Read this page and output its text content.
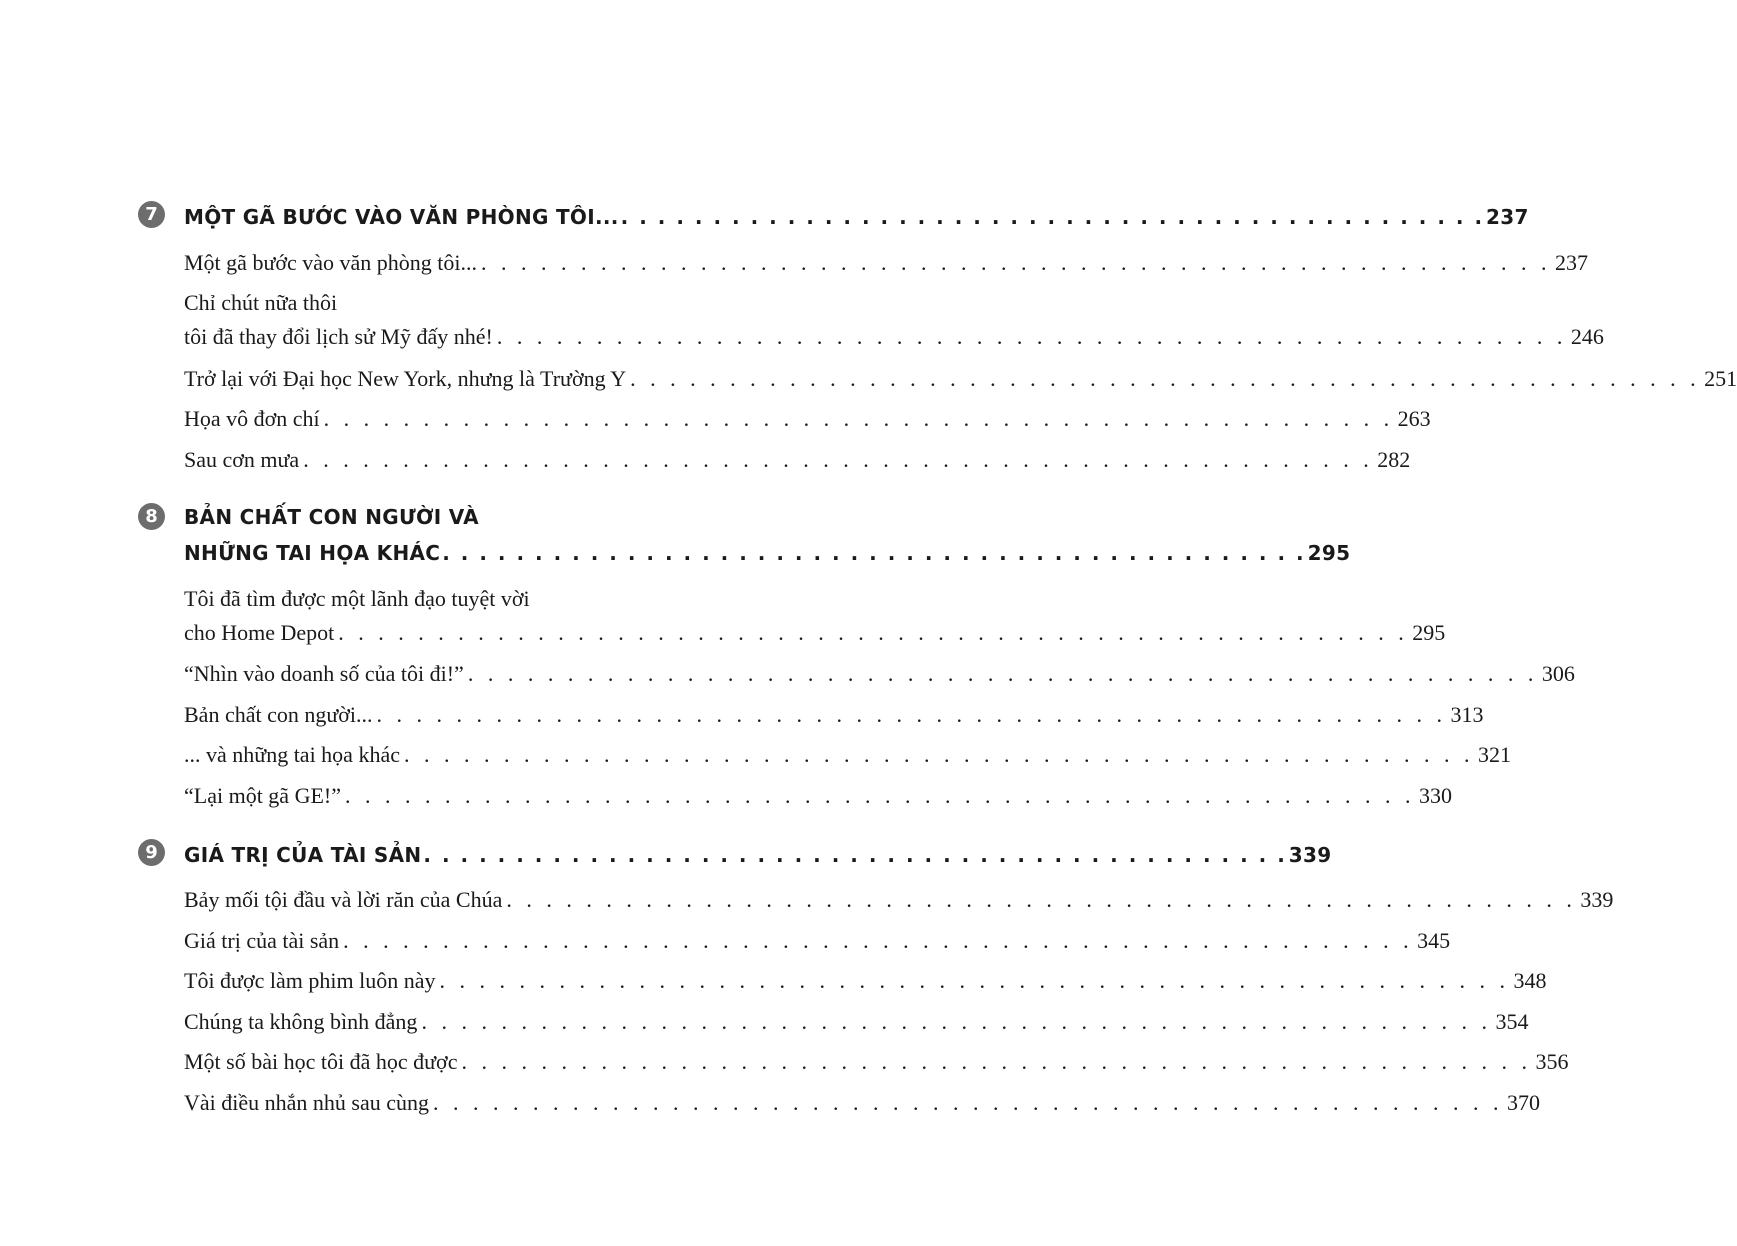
7	MỘT GÃ BƯỚC VÀO VĂN PHÒNG TÔI... . . . . . . . . . . . . . . . . . . . . . . . . . . . . . . . . . . . . . . . . . . . . . . . 237
Một gã bước vào văn phòng tôi... . . . . . . . . . . . . . . . . . . . . . . . . . . . . . . . . . . . . . . . . . . . . . . . . . . . . . . 237
Chỉ chút nữa thôi
tôi đã thay đổi lịch sử Mỹ đấy nhé! . . . . . . . . . . . . . . . . . . . . . . . . . . . . . . . . . . . . . . . . . . . . . . . . . . . . . . 246
Trở lại với Đại học New York, nhưng là Trường Y . . . . . . . . . . . . . . . . . . . . . . . . . . . . . . . . . . . . . . . . . . . . . . . . . . . . . . 251
Họa vô đơn chí . . . . . . . . . . . . . . . . . . . . . . . . . . . . . . . . . . . . . . . . . . . . . . . . . . . . . . 263
Sau cơn mưa . . . . . . . . . . . . . . . . . . . . . . . . . . . . . . . . . . . . . . . . . . . . . . . . . . . . . . 282
8	BẢN CHẤT CON NGƯỜI VÀ
NHỮNG TAI HỌA KHÁC . . . . . . . . . . . . . . . . . . . . . . . . . . . . . . . . . . . . . . . . . . . . . . . 295
Tôi đã tìm được một lãnh đạo tuyệt vời
cho Home Depot . . . . . . . . . . . . . . . . . . . . . . . . . . . . . . . . . . . . . . . . . . . . . . . . . . . . . . 295
“Nhìn vào doanh số của tôi đi!” . . . . . . . . . . . . . . . . . . . . . . . . . . . . . . . . . . . . . . . . . . . . . . . . . . . . . . 306
Bản chất con người... . . . . . . . . . . . . . . . . . . . . . . . . . . . . . . . . . . . . . . . . . . . . . . . . . . . . . . 313
... và những tai họa khác . . . . . . . . . . . . . . . . . . . . . . . . . . . . . . . . . . . . . . . . . . . . . . . . . . . . . . 321
“Lại một gã GE!” . . . . . . . . . . . . . . . . . . . . . . . . . . . . . . . . . . . . . . . . . . . . . . . . . . . . . . 330
9	GIÁ TRỊ CỦA TÀI SẢN . . . . . . . . . . . . . . . . . . . . . . . . . . . . . . . . . . . . . . . . . . . . . . . 339
Bảy mối tội đầu và lời răn của Chúa . . . . . . . . . . . . . . . . . . . . . . . . . . . . . . . . . . . . . . . . . . . . . . . . . . . . . . 339
Giá trị của tài sản . . . . . . . . . . . . . . . . . . . . . . . . . . . . . . . . . . . . . . . . . . . . . . . . . . . . . . 345
Tôi được làm phim luôn này . . . . . . . . . . . . . . . . . . . . . . . . . . . . . . . . . . . . . . . . . . . . . . . . . . . . . . 348
Chúng ta không bình đẳng . . . . . . . . . . . . . . . . . . . . . . . . . . . . . . . . . . . . . . . . . . . . . . . . . . . . . . 354
Một số bài học tôi đã học được . . . . . . . . . . . . . . . . . . . . . . . . . . . . . . . . . . . . . . . . . . . . . . . . . . . . . . 356
Vài điều nhắn nhủ sau cùng . . . . . . . . . . . . . . . . . . . . . . . . . . . . . . . . . . . . . . . . . . . . . . . . . . . . . . 370
